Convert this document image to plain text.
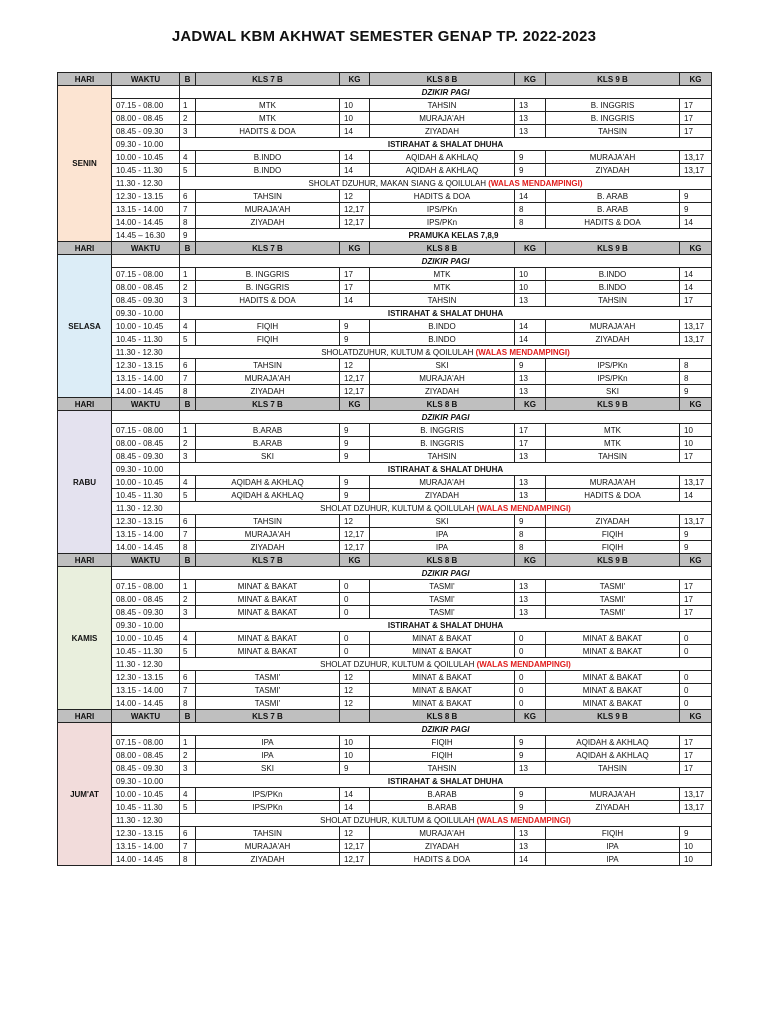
JADWAL KBM AKHWAT SEMESTER GENAP TP. 2022-2023
HARI	WAKTU	B	KLS 7 B	KG	KLS 8 B	KG	KLS 9 B	KG
SENIN		DZIKIR PAGI						
	07.15 - 08.00	1	MTK	10	TAHSIN	13	B. INGGRIS	17
	08.00 - 08.45	2	MTK	10	MURAJA'AH	13	B. INGGRIS	17
	08.45 - 09.30	3	HADITS & DOA	14	ZIYADAH	13	TAHSIN	17
	09.30 - 10.00	ISTIRAHAT & SHALAT DHUHA						
	10.00 - 10.45	4	B.INDO	14	AQIDAH & AKHLAQ	9	MURAJA'AH	13,17
	10.45 - 11.30	5	B.INDO	14	AQIDAH & AKHLAQ	9	ZIYADAH	13,17
	11.30 - 12.30	SHOLAT DZUHUR, MAKAN SIANG & QOILULAH (WALAS MENDAMPINGI)						
	12.30 - 13.15	6	TAHSIN	12	HADITS & DOA	14	B. ARAB	9
	13.15 - 14.00	7	MURAJA'AH	12,17	IPS/PKn	8	B. ARAB	9
	14.00 - 14.45	8	ZIYADAH	12,17	IPS/PKn	8	HADITS & DOA	14
	14.45 – 16.30	9	PRAMUKA KELAS 7,8,9					
HARI	WAKTU	B	KLS 7 B	KG	KLS 8 B	KG	KLS 9 B	KG
SELASA		DZIKIR PAGI						
	07.15 - 08.00	1	B. INGGRIS	17	MTK	10	B.INDO	14
	08.00 - 08.45	2	B. INGGRIS	17	MTK	10	B.INDO	14
	08.45 - 09.30	3	HADITS & DOA	14	TAHSIN	13	TAHSIN	17
	09.30 - 10.00	ISTIRAHAT & SHALAT DHUHA						
	10.00 - 10.45	4	FIQIH	9	B.INDO	14	MURAJA'AH	13,17
	10.45 - 11.30	5	FIQIH	9	B.INDO	14	ZIYADAH	13,17
	11.30 - 12.30	SHOLATDZUHUR, KULTUM & QOILULAH (WALAS MENDAMPINGI)						
	12.30 - 13.15	6	TAHSIN	12	SKI	9	IPS/PKn	8
	13.15 - 14.00	7	MURAJA'AH	12,17	MURAJA'AH	13	IPS/PKn	8
	14.00 - 14.45	8	ZIYADAH	12,17	ZIYADAH	13	SKI	9
HARI	WAKTU	B	KLS 7 B	KG	KLS 8 B	KG	KLS 9 B	KG
RABU		DZIKIR PAGI						
	07.15 - 08.00	1	B.ARAB	9	B. INGGRIS	17	MTK	10
	08.00 - 08.45	2	B.ARAB	9	B. INGGRIS	17	MTK	10
	08.45 - 09.30	3	SKI	9	TAHSIN	13	TAHSIN	17
	09.30 - 10.00	ISTIRAHAT & SHALAT DHUHA						
	10.00 - 10.45	4	AQIDAH & AKHLAQ	9	MURAJA'AH	13	MURAJA'AH	13,17
	10.45 - 11.30	5	AQIDAH & AKHLAQ	9	ZIYADAH	13	HADITS & DOA	14
	11.30 - 12.30	SHOLAT DZUHUR, KULTUM & QOILULAH (WALAS MENDAMPINGI)						
	12.30 - 13.15	6	TAHSIN	12	SKI	9	ZIYADAH	13,17
	13.15 - 14.00	7	MURAJA'AH	12,17	IPA	8	FIQIH	9
	14.00 - 14.45	8	ZIYADAH	12,17	IPA	8	FIQIH	9
HARI	WAKTU	B	KLS 7 B	KG	KLS 8 B	KG	KLS 9 B	KG
KAMIS		DZIKIR PAGI						
	07.15 - 08.00	1	MINAT & BAKAT	0	TASMI'	13	TASMI'	17
	08.00 - 08.45	2	MINAT & BAKAT	0	TASMI'	13	TASMI'	17
	08.45 - 09.30	3	MINAT & BAKAT	0	TASMI'	13	TASMI'	17
	09.30 - 10.00	ISTIRAHAT & SHALAT DHUHA						
	10.00 - 10.45	4	MINAT & BAKAT	0	MINAT & BAKAT	0	MINAT & BAKAT	0
	10.45 - 11.30	5	MINAT & BAKAT	0	MINAT & BAKAT	0	MINAT & BAKAT	0
	11.30 - 12.30	SHOLAT DZUHUR, KULTUM & QOILULAH (WALAS MENDAMPINGI)						
	12.30 - 13.15	6	TASMI'	12	MINAT & BAKAT	0	MINAT & BAKAT	0
	13.15 - 14.00	7	TASMI'	12	MINAT & BAKAT	0	MINAT & BAKAT	0
	14.00 - 14.45	8	TASMI'	12	MINAT & BAKAT	0	MINAT & BAKAT	0
HARI	WAKTU	B	KLS 7 B		KLS 8 B	KG	KLS 9 B	KG
JUM'AT		DZIKIR PAGI						
	07.15 - 08.00	1	IPA	10	FIQIH	9	AQIDAH & AKHLAQ	17
	08.00 - 08.45	2	IPA	10	FIQIH	9	AQIDAH & AKHLAQ	17
	08.45 - 09.30	3	SKI	9	TAHSIN	13	TAHSIN	17
	09.30 - 10.00	ISTIRAHAT & SHALAT DHUHA						
	10.00 - 10.45	4	IPS/PKn	14	B.ARAB	9	MURAJA'AH	13,17
	10.45 - 11.30	5	IPS/PKn	14	B.ARAB	9	ZIYADAH	13,17
	11.30 - 12.30	SHOLAT DZUHUR, KULTUM & QOILULAH (WALAS MENDAMPINGI)						
	12.30 - 13.15	6	TAHSIN	12	MURAJA'AH	13	FIQIH	9
	13.15 - 14.00	7	MURAJA'AH	12,17	ZIYADAH	13	IPA	10
	14.00 - 14.45	8	ZIYADAH	12,17	HADITS & DOA	14	IPA	10
